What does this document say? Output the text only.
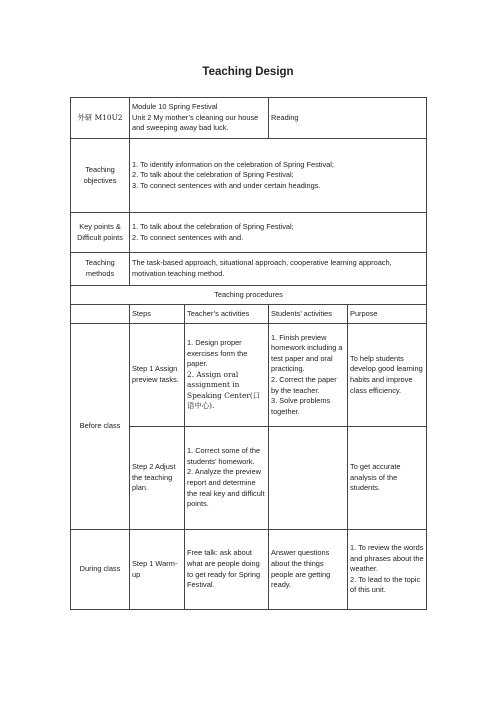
Teaching Design
外研 M10U2	Module 10 Spring Festival
Unit 2 My mother’s cleaning our house and sweeping away bad luck.		Reading	
Teaching objectives	1. To identify information on the celebration of Spring Festival;
2. To talk about the celebration of Spring Festival;
3. To connect sentences with and under certain headings.			

Key points & Difficult points	1. To talk about the celebration of Spring Festival;
2. To connect sentences with and.			

Teaching methods	The task-based approach, situational approach, cooperative learning approach, motivation teaching method.			
Teaching procedures				
	Steps	Teacher’s activities	Students’ activities	Purpose
Before class	Step 1 Assign preview tasks.	1. Design proper exercises form the paper.
2. Assign oral assignment in Speaking Center(口语中心).	1. Finish preview homework including a test paper and oral practicing.
2. Correct the paper by the teacher.
3. Solve problems together.	To help students develop good learning habits and improve class efficiency.
	Step 2 Adjust the teaching plan.	1. Correct some of the students’ homework.
2. Analyze the preview report and determine the real key and difficult points.		To get accurate analysis of the students.
During class	Step 1 Warm-up	Free talk: ask about what are people doing to get ready for Spring Festival.	Answer questions about the things people are getting ready.	1. To review the words and phrases about the weather.
2. To lead to the topic of this unit.
